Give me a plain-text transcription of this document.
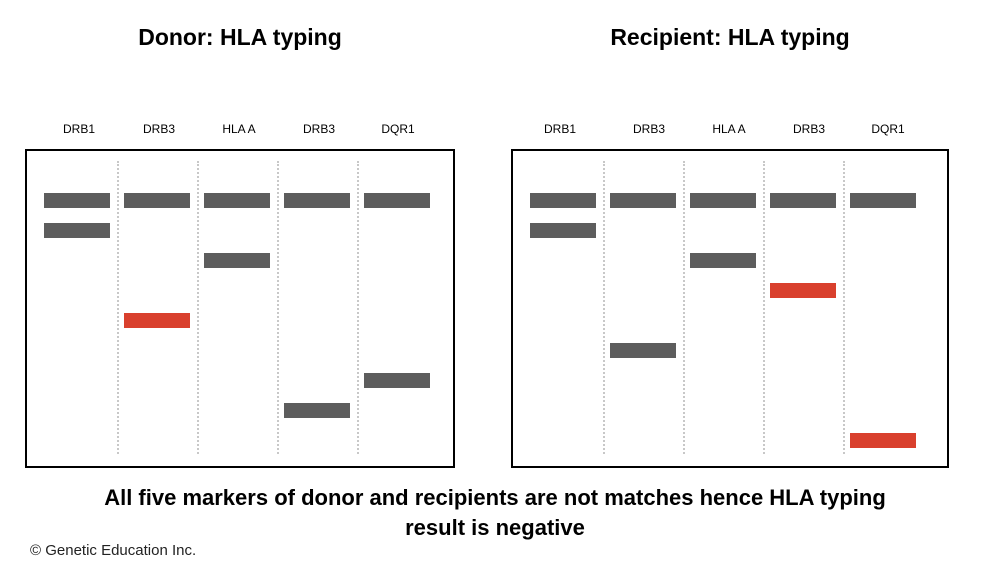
Donor: HLA typing	Recipient: HLA typing
DRB1	DRB3	HLA A	DRB3	DQR1	DRB1	DRB3	HLA A	DRB3	DQR1
All five markers of donor and recipients are not matches hence HLA typing
result is negative
© Genetic Education Inc.
